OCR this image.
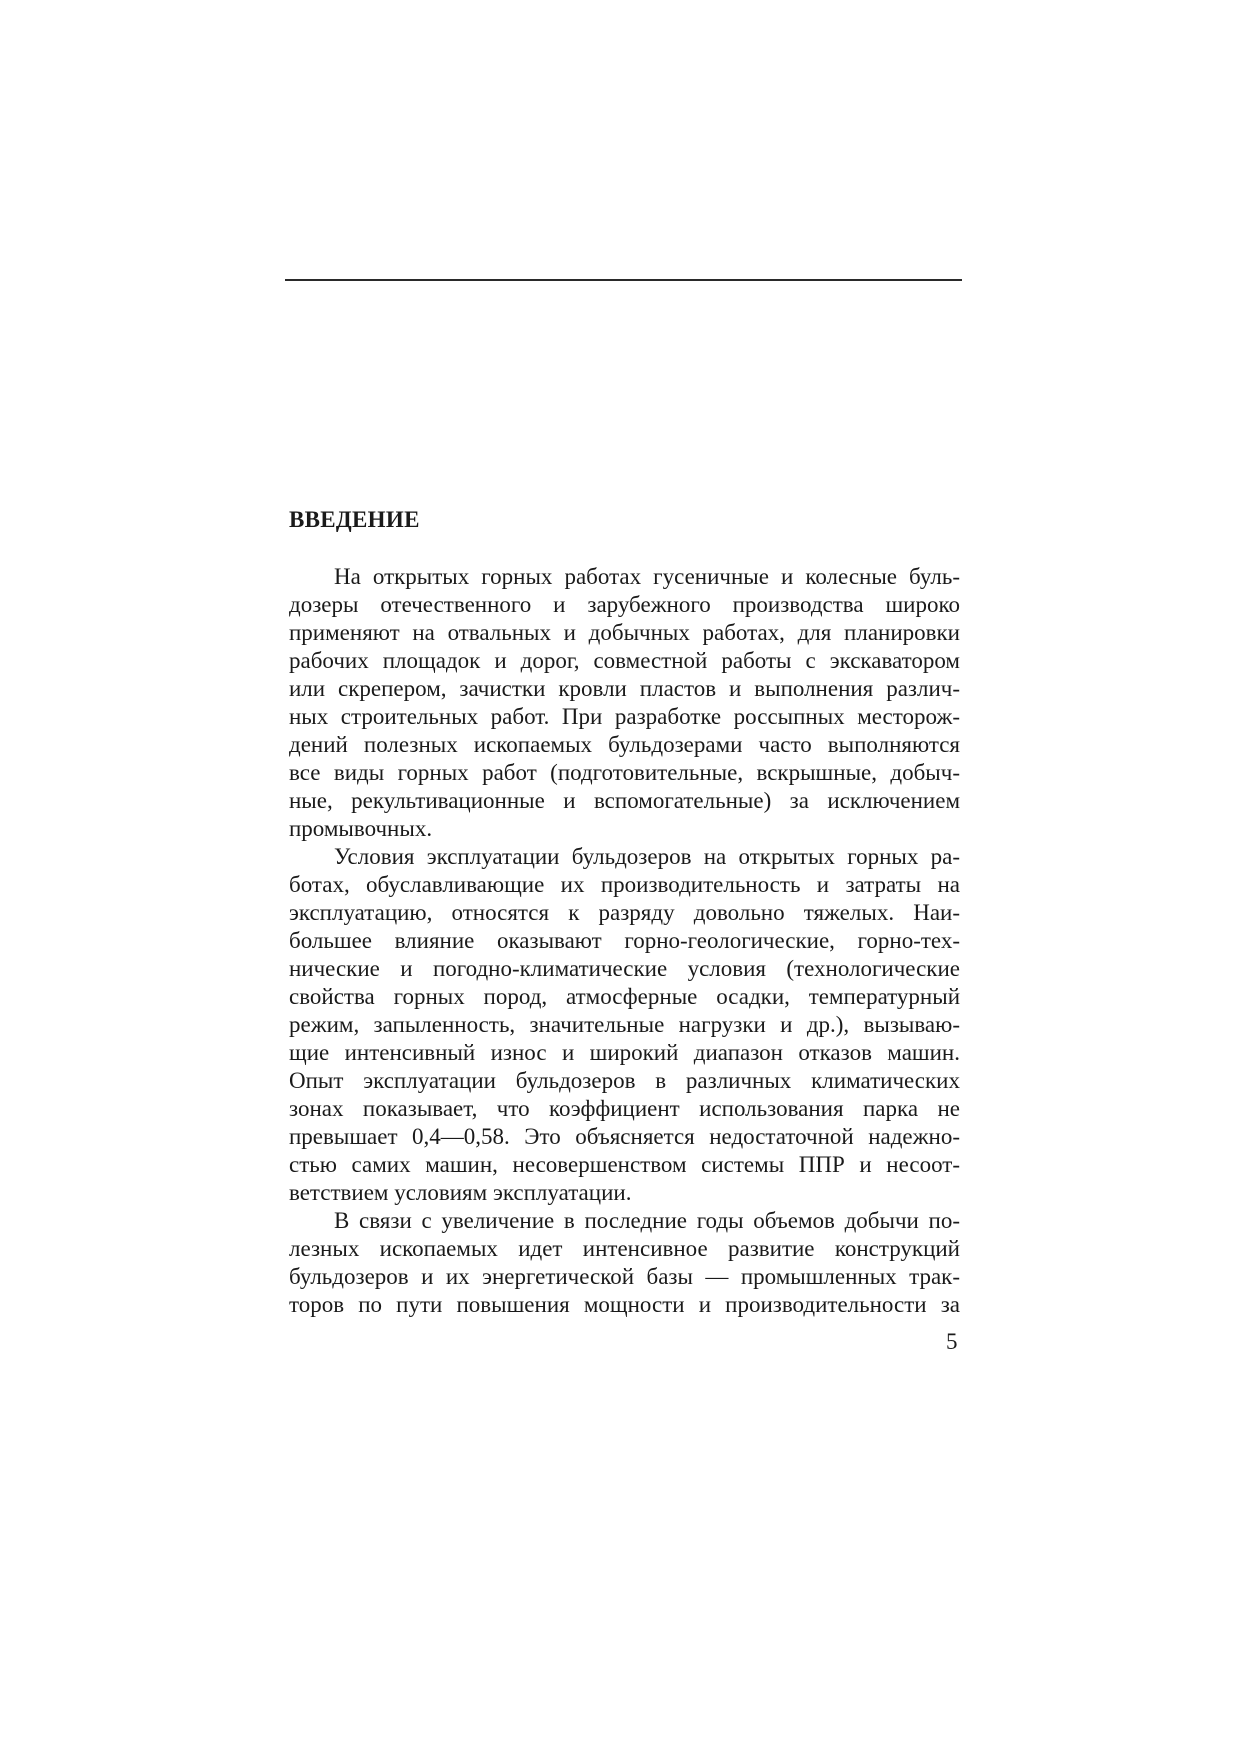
ВВЕДЕНИЕ

На открытых горных работах гусеничные и колесные буль-
дозеры отечественного и зарубежного производства широко
применяют на отвальных и добычных работах, для планировки
рабочих площадок и дорог, совместной работы с экскаватором
или скрепером, зачистки кровли пластов и выполнения различ-
ных строительных работ. При разработке россыпных месторож-
дений полезных ископаемых бульдозерами часто выполняются
все виды горных работ (подготовительные, вскрышные, добыч-
ные, рекультивационные и вспомогательные) за исключением
промывочных.

Условия эксплуатации бульдозеров на открытых горных ра-
ботах, обуславливающие их производительность и затраты на
эксплуатацию, относятся к разряду довольно тяжелых. Наи-
большее влияние оказывают горно-геологические, горно-тех-
нические и погодно-климатические условия (технологические
свойства горных пород, атмосферные осадки, температурный
режим, запыленность, значительные нагрузки и др.), вызываю-
щие интенсивный износ и широкий диапазон отказов машин.
Опыт эксплуатации бульдозеров в различных климатических
зонах показывает, что коэффициент использования парка не
превышает 0,4—0,58. Это объясняется недостаточной надежно-
стью самих машин, несовершенством системы ППР и несоот-
ветствием условиям эксплуатации.

В связи с увеличение в последние годы объемов добычи по-
лезных ископаемых идет интенсивное развитие конструкций
бульдозеров и их энергетической базы — промышленных трак-
торов по пути повышения мощности и производительности за

5
